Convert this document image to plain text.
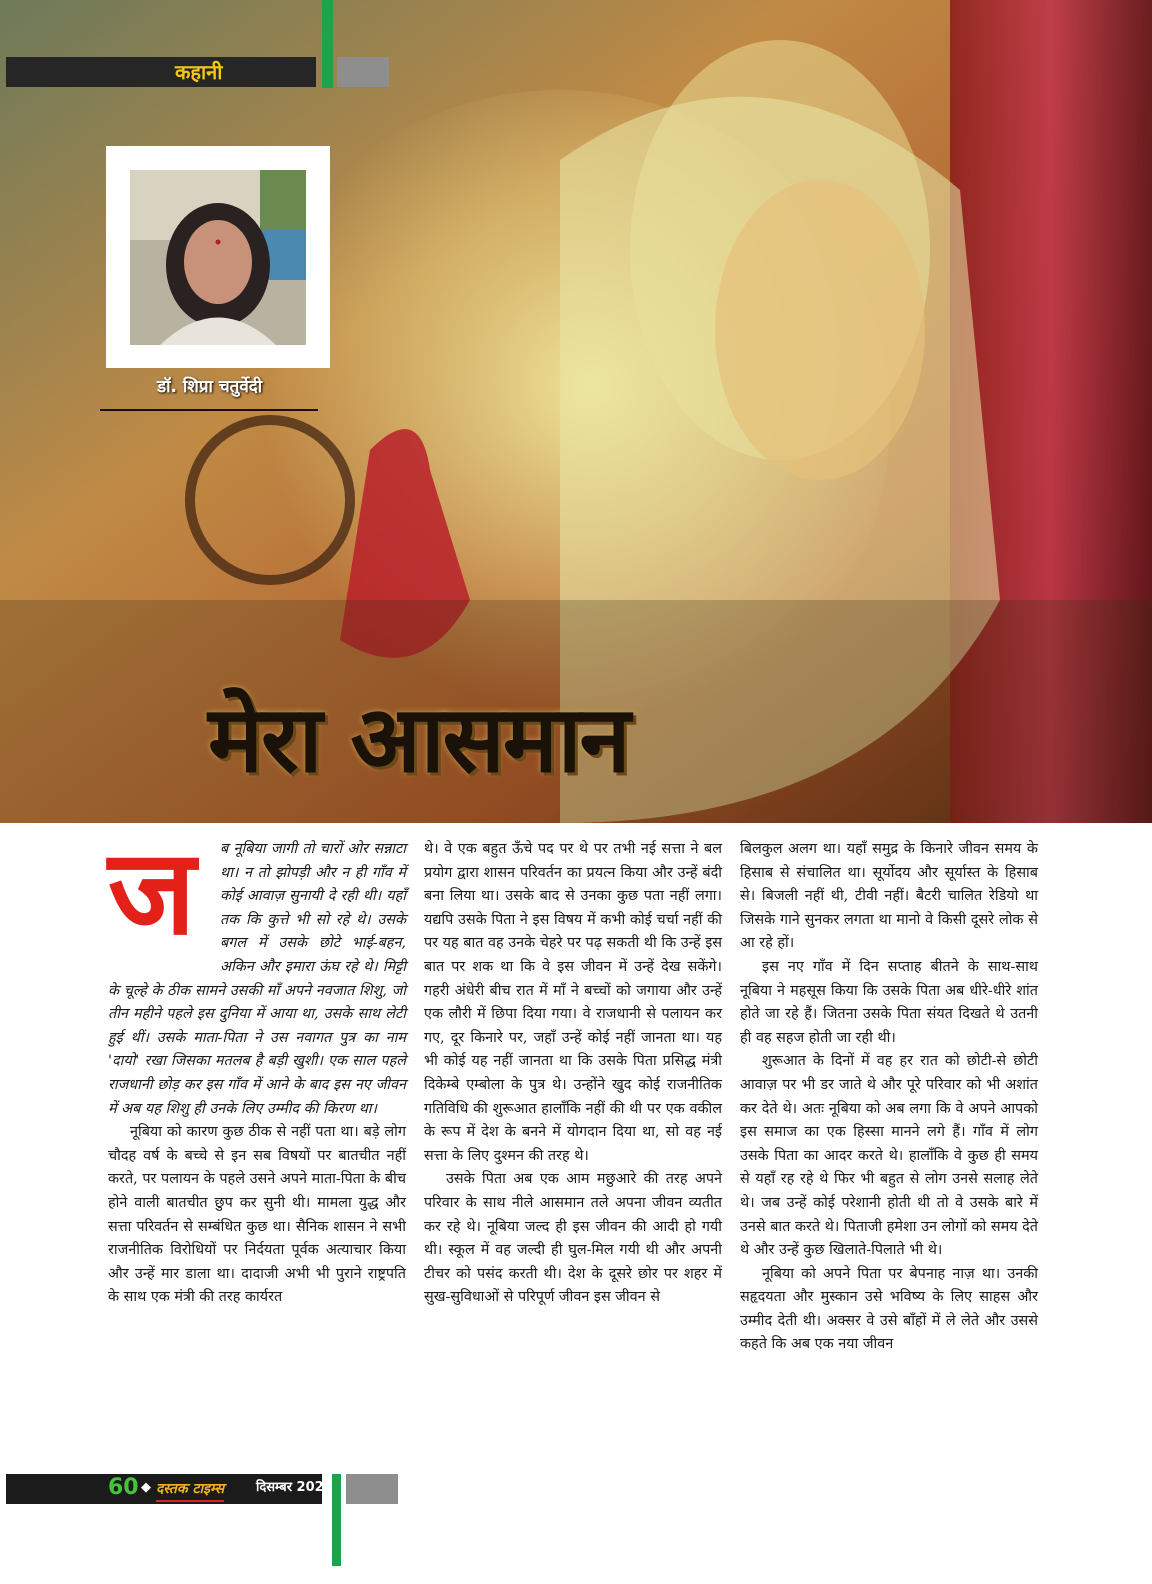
कहानी
डॉ. शिप्रा चतुर्वेदी
मेरा आसमान
ज	ब नूबिया जागी तो चारों ओर सन्नाटा था। न तो झोपड़ी और न ही गाँव में कोई आवाज़ सुनायी दे रही थी। यहाँ तक कि कुत्ते भी सो रहे थे। उसके बगल में उसके छोटे भाई-बहन, अकिन और इमारा ऊंघ रहे थे। मिट्टी के चूल्हे के ठीक सामने उसकी माँ अपने नवजात शिशु, जो तीन महीने पहले इस दुनिया में आया था, उसके साथ लेटी हुई थीं। उसके माता-पिता ने उस नवागत पुत्र का नाम 'दायो' रखा जिसका मतलब है बड़ी खुशी। एक साल पहले राजधानी छोड़ कर इस गाँव में आने के बाद इस नए जीवन में अब यह शिशु ही उनके लिए उम्मीद की किरण था।

नूबिया को कारण कुछ ठीक से नहीं पता था। बड़े लोग चौदह वर्ष के बच्चे से इन सब विषयों पर बातचीत नहीं करते, पर पलायन के पहले उसने अपने माता-पिता के बीच होने वाली बातचीत छुप कर सुनी थी। मामला युद्ध और सत्ता परिवर्तन से सम्बंधित कुछ था। सैनिक शासन ने सभी राजनीतिक विरोधियों पर निर्दयता पूर्वक अत्याचार किया और उन्हें मार डाला था। दादाजी अभी भी पुराने राष्ट्रपति के साथ एक मंत्री की तरह कार्यरत

थे। वे एक बहुत ऊँचे पद पर थे पर तभी नई सत्ता ने बल प्रयोग द्वारा शासन परिवर्तन का प्रयत्न किया और उन्हें बंदी बना लिया था। उसके बाद से उनका कुछ पता नहीं लगा। यद्यपि उसके पिता ने इस विषय में कभी कोई चर्चा नहीं की पर यह बात वह उनके चेहरे पर पढ़ सकती थी कि उन्हें इस बात पर शक था कि वे इस जीवन में उन्हें देख सकेंगे। गहरी अंधेरी बीच रात में माँ ने बच्चों को जगाया और उन्हें एक लौरी में छिपा दिया गया। वे राजधानी से पलायन कर गए, दूर किनारे पर, जहाँ उन्हें कोई नहीं जानता था। यह भी कोई यह नहीं जानता था कि उसके पिता प्रसिद्ध मंत्री दिकेम्बे एम्बोला के पुत्र थे। उन्होंने खुद कोई राजनीतिक गतिविधि की शुरूआत हालाँकि नहीं की थी पर एक वकील के रूप में देश के बनने में योगदान दिया था, सो वह नई सत्ता के लिए दुश्मन की तरह थे।

उसके पिता अब एक आम मछुआरे की तरह अपने परिवार के साथ नीले आसमान तले अपना जीवन व्यतीत कर रहे थे। नूबिया जल्द ही इस जीवन की आदी हो गयी थी। स्कूल में वह जल्दी ही घुल-मिल गयी थी और अपनी टीचर को पसंद करती थी। देश के दूसरे छोर पर शहर में सुख-सुविधाओं से परिपूर्ण जीवन इस जीवन से

बिलकुल अलग था। यहाँ समुद्र के किनारे जीवन समय के हिसाब से संचालित था। सूर्योदय और सूर्यास्त के हिसाब से। बिजली नहीं थी, टीवी नहीं। बैटरी चालित रेडियो था जिसके गाने सुनकर लगता था मानो वे किसी दूसरे लोक से आ रहे हों।

इस नए गाँव में दिन सप्ताह बीतने के साथ-साथ नूबिया ने महसूस किया कि उसके पिता अब धीरे-धीरे शांत होते जा रहे हैं। जितना उसके पिता संयत दिखते थे उतनी ही वह सहज होती जा रही थी।

शुरूआत के दिनों में वह हर रात को छोटी-से छोटी आवाज़ पर भी डर जाते थे और पूरे परिवार को भी अशांत कर देते थे। अतः नूबिया को अब लगा कि वे अपने आपको इस समाज का एक हिस्सा मानने लगे हैं। गाँव में लोग उसके पिता का आदर करते थे। हालाँकि वे कुछ ही समय से यहाँ रह रहे थे फिर भी बहुत से लोग उनसे सलाह लेते थे। जब उन्हें कोई परेशानी होती थी तो वे उसके बारे में उनसे बात करते थे। पिताजी हमेशा उन लोगों को समय देते थे और उन्हें कुछ खिलाते-पिलाते भी थे।

नूबिया को अपने पिता पर बेपनाह नाज़ था। उनकी सहृदयता और मुस्कान उसे भविष्य के लिए साहस और उम्मीद देती थी। अक्सर वे उसे बाँहों में ले लेते और उससे कहते कि अब एक नया जीवन

60 ◆ दस्तक टाइम्स दिसम्बर 2021
